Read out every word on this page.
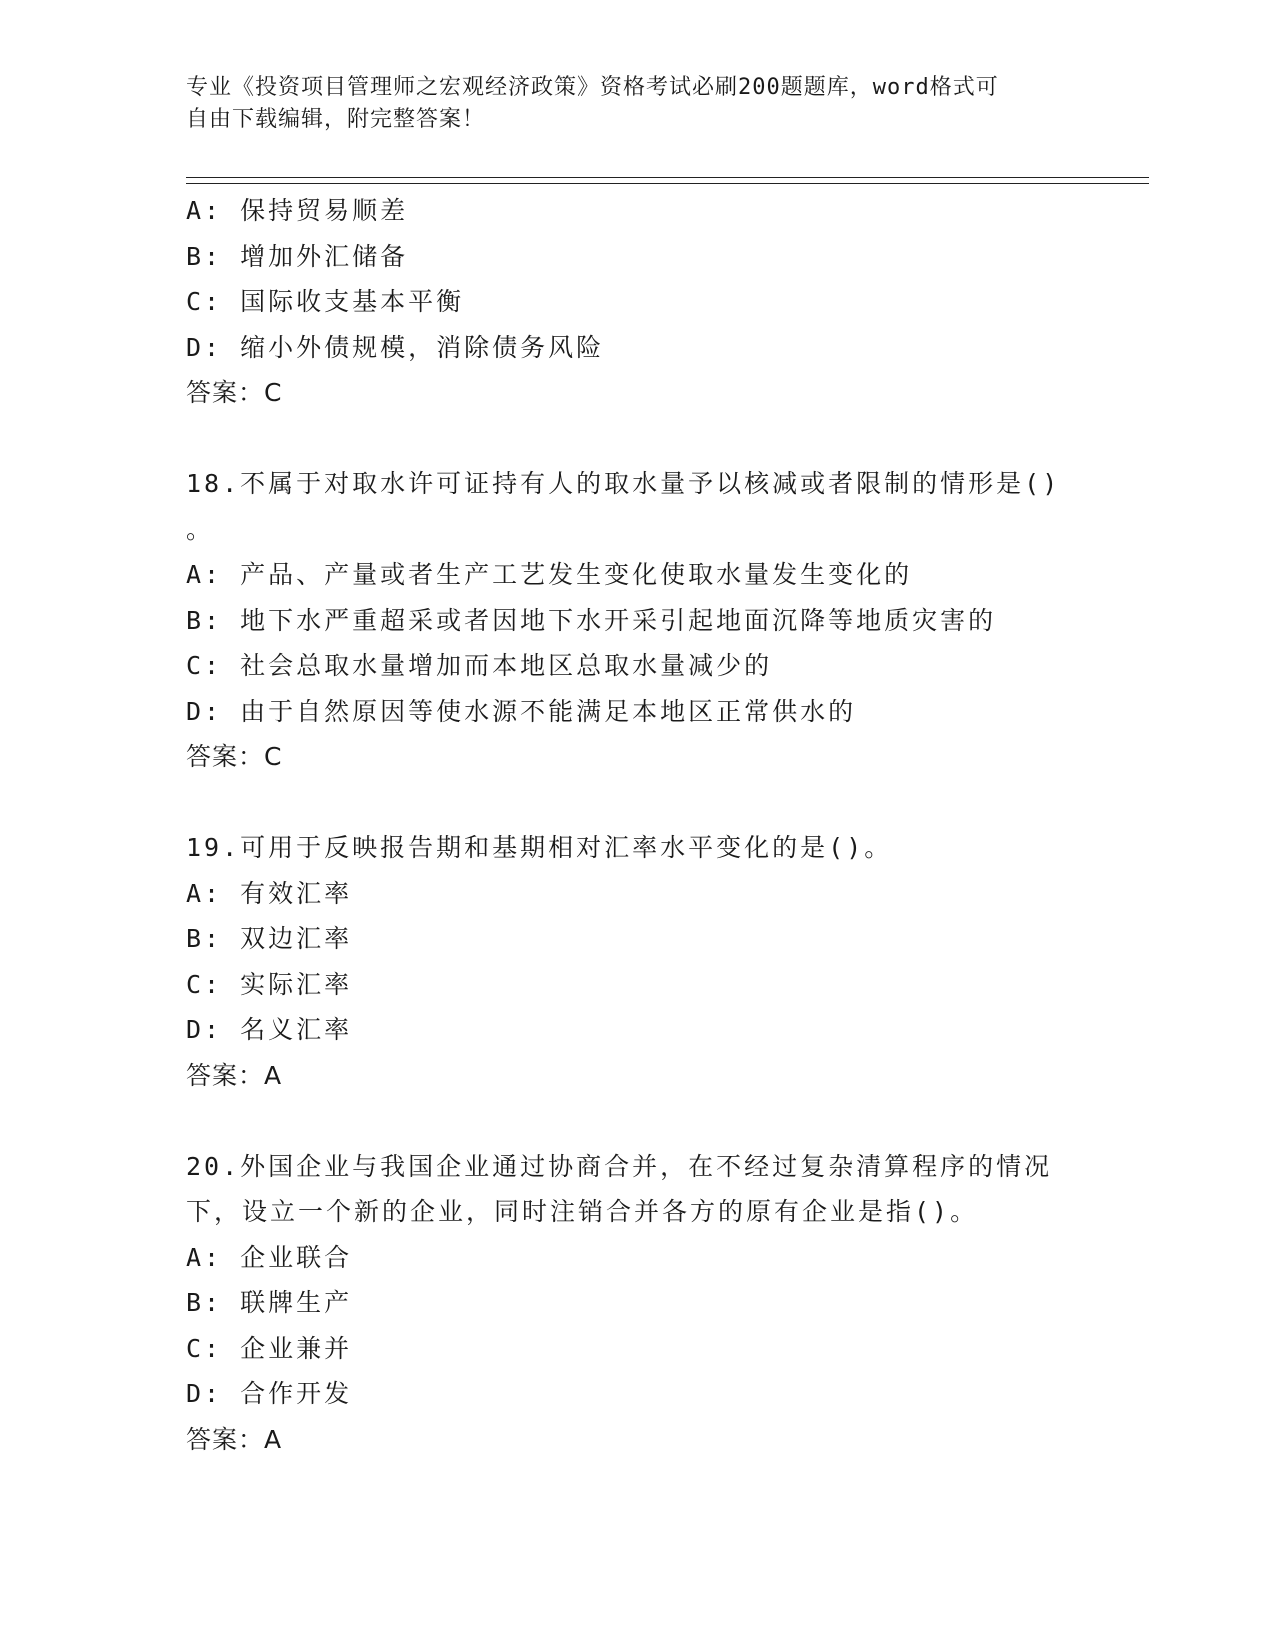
专业《投资项目管理师之宏观经济政策》资格考试必刷200题题库，word格式可
自由下载编辑，附完整答案！
A: 保持贸易顺差
B: 增加外汇储备
C: 国际收支基本平衡
D: 缩小外债规模，消除债务风险
答案：C
18.不属于对取水许可证持有人的取水量予以核减或者限制的情形是()
。
A: 产品、产量或者生产工艺发生变化使取水量发生变化的
B: 地下水严重超采或者因地下水开采引起地面沉降等地质灾害的
C: 社会总取水量增加而本地区总取水量减少的
D: 由于自然原因等使水源不能满足本地区正常供水的
答案：C
19.可用于反映报告期和基期相对汇率水平变化的是()。
A: 有效汇率
B: 双边汇率
C: 实际汇率
D: 名义汇率
答案：A
20.外国企业与我国企业通过协商合并，在不经过复杂清算程序的情况
下，设立一个新的企业，同时注销合并各方的原有企业是指()。
A: 企业联合
B: 联牌生产
C: 企业兼并
D: 合作开发
答案：A
